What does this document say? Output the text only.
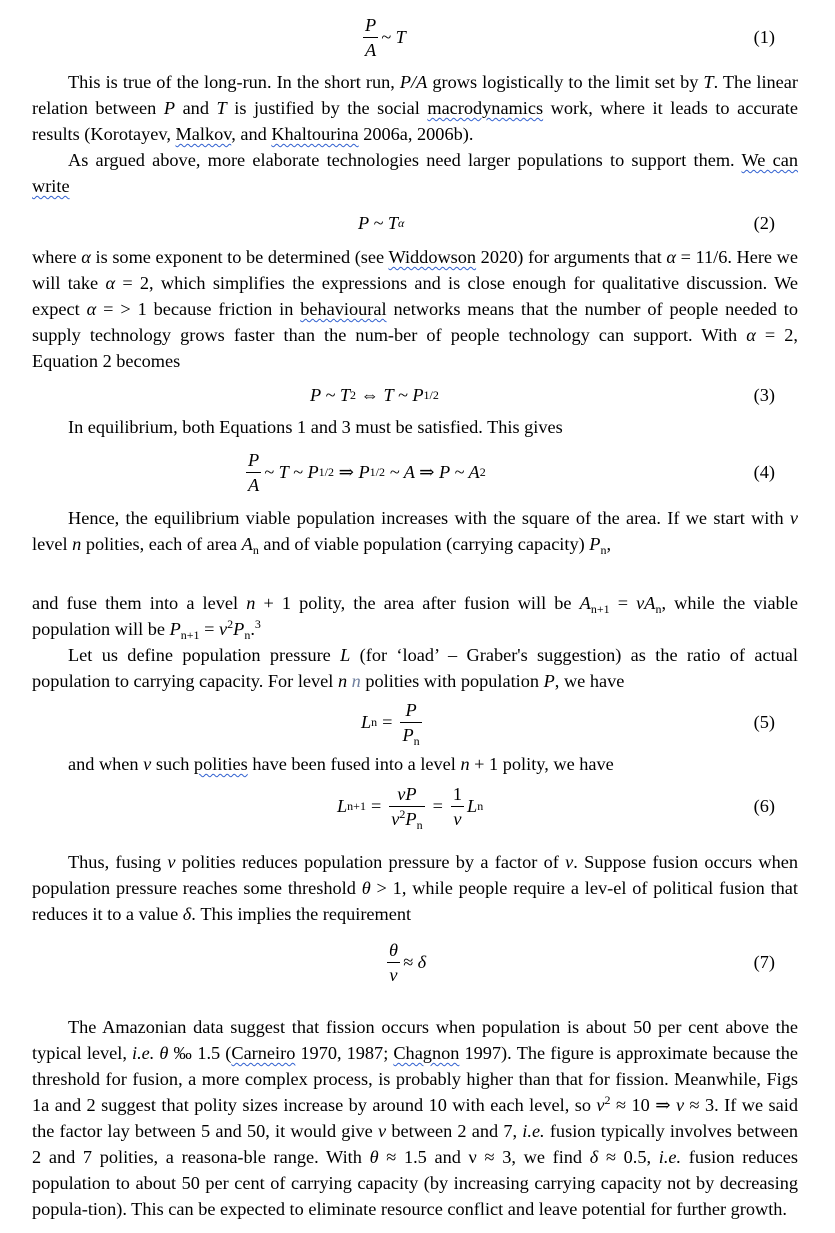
$\frac{P}{A}$ ~ T	(1)

This is true of the long-run. In the short run, P/A grows logistically to the limit set by T. The linear relation between P and T is justified by the social macrodynamics work, where it leads to accurate results (Korotayev, Malkov, and Khaltourina 2006a, 2006b).

As argued above, more elaborate technologies need larger populations to support them. We can write

P ~ T α	(2)

where α is some exponent to be determined (see Widdowson 2020) for arguments that α = 11/6. Here we will take α = 2, which simplifies the expressions and is close enough for qualitative discussion. We expect α = > 1 because friction in behavioural networks means that the number of people needed to supply technology grows faster than the num-ber of people technology can support. With α = 2, Equation 2 becomes

P ~ T 2
⇔ T ~ P 1/2	(3)

In equilibrium, both Equations 1 and 3 must be satisfied. This gives

$\frac{P}{A}$ ~ T ~ P 1/2
⇒ P 1/2
~ A ⇒ P ~ A 2	(4)

Hence, the equilibrium viable population increases with the square of the area. If we start with ν level n polities, each of area $A_n$ and of viable population (carrying capacity) $P_n$,

and fuse them into a level n + 1 polity, the area after fusion will be $A_{n+1} = \nu A_n$, while the viable population will be $P_{n+1} = \nu^2P_n.^3$

Let us define population pressure L (for ‘load’ – Graber's suggestion) as the ratio of actual population to carrying capacity. For level n n polities with population P, we have

L $n = \frac{P}{P_n}$	(5)

and when ν such polities have been fused into a level n + 1 polity, we have

L $n+1 = \frac{\nu P}{\nu^2P_n} = \frac{1}{\nu}$ L n	(6)

Thus, fusing ν polities reduces population pressure by a factor of ν. Suppose fusion occurs when population pressure reaches some threshold θ > 1, while people require a lev-el of political fusion that reduces it to a value δ. This implies the requirement

$\frac{\theta}{\nu} \approx \delta$	(7)

The Amazonian data suggest that fission occurs when population is about 50 per cent above the typical level, i.e. θ ‰ 1.5 (Carneiro 1970, 1987; Chagnon 1997). The figure is approximate because the threshold for fusion, a more complex process, is probably higher than that for fission. Meanwhile, Figs 1a and 2 suggest that polity sizes increase by around 10 with each level, so $\nu^2 \approx 10$ ⇒ ν ≈ 3. If we said the factor lay between 5 and 50, it would give ν between 2 and 7, i.e. fusion typically involves between 2 and 7 polities, a reasona-ble range. With θ ≈ 1.5 and ν ≈ 3, we find δ ≈ 0.5, i.e. fusion reduces population to about 50 per cent of carrying capacity (by increasing carrying capacity not by decreasing popula-tion). This can be expected to eliminate resource conflict and leave potential for further growth.
